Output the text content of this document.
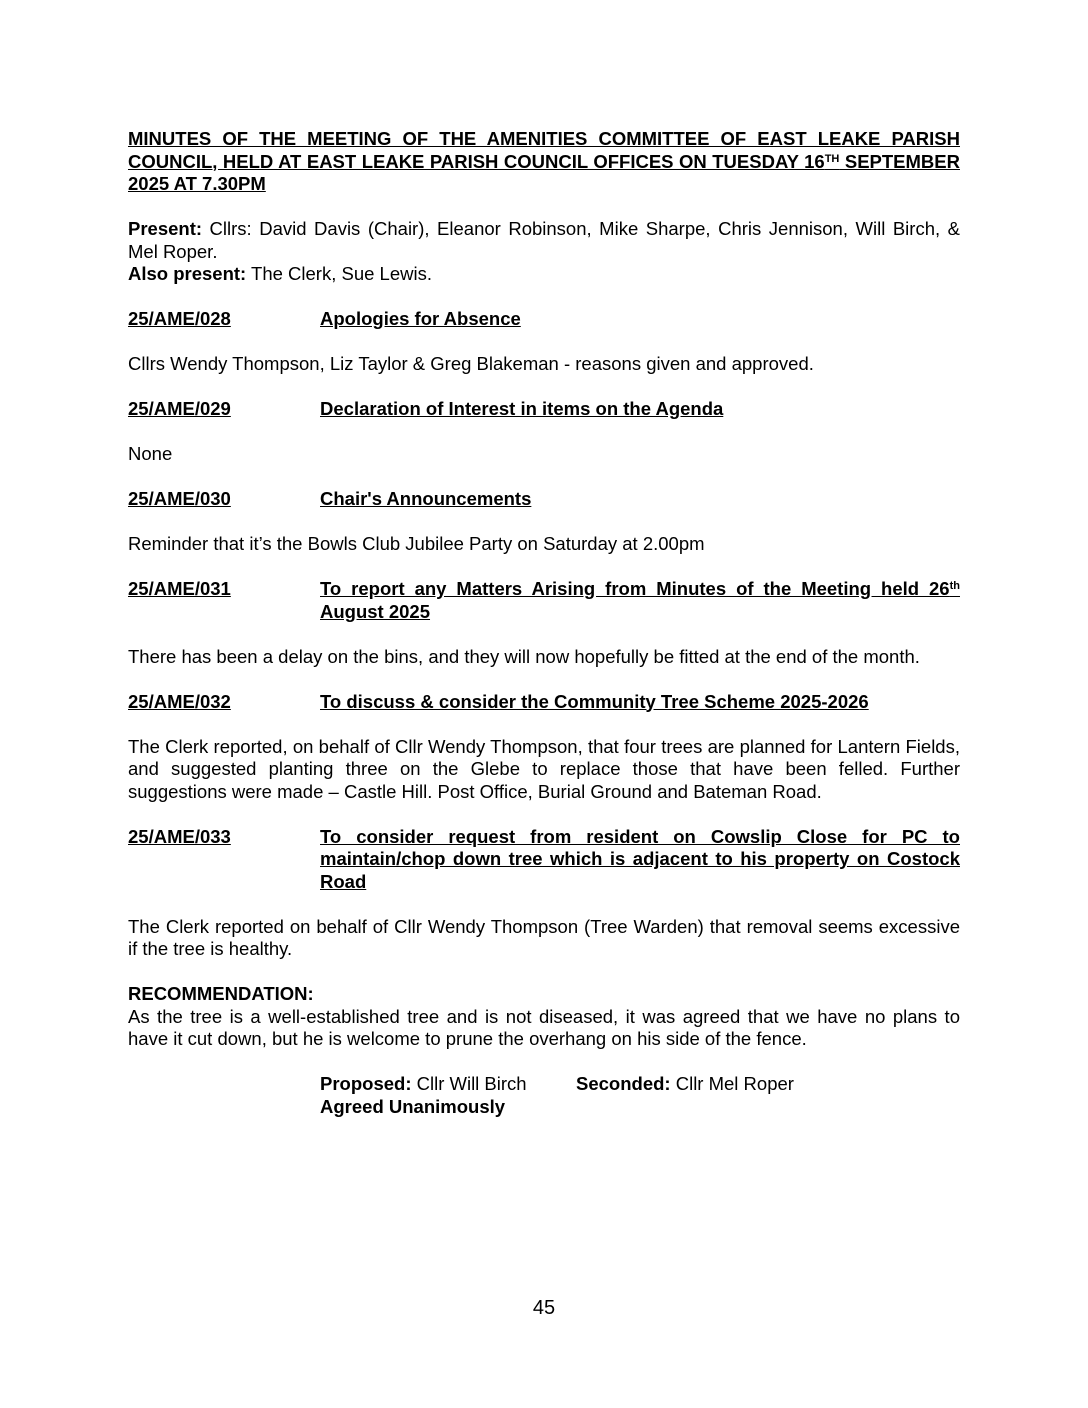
MINUTES OF THE MEETING OF THE AMENITIES COMMITTEE OF EAST LEAKE PARISH COUNCIL, HELD AT EAST LEAKE PARISH COUNCIL OFFICES ON TUESDAY 16TH SEPTEMBER 2025 AT 7.30PM

Present: Cllrs: David Davis (Chair), Eleanor Robinson, Mike Sharpe, Chris Jennison, Will Birch, & Mel Roper.

Also present: The Clerk, Sue Lewis.

25/AME/028	Apologies for Absence

Cllrs Wendy Thompson, Liz Taylor & Greg Blakeman - reasons given and approved.

25/AME/029	Declaration of Interest in items on the Agenda

None

25/AME/030	Chair's Announcements

Reminder that it’s the Bowls Club Jubilee Party on Saturday at 2.00pm

25/AME/031	To report any Matters Arising from Minutes of the Meeting held 26th August 2025

There has been a delay on the bins, and they will now hopefully be fitted at the end of the month.

25/AME/032	To discuss & consider the Community Tree Scheme 2025-2026

The Clerk reported, on behalf of Cllr Wendy Thompson, that four trees are planned for Lantern Fields, and suggested planting three on the Glebe to replace those that have been felled. Further suggestions were made – Castle Hill. Post Office, Burial Ground and Bateman Road.

25/AME/033	To consider request from resident on Cowslip Close for PC to maintain/chop down tree which is adjacent to his property on Costock Road

The Clerk reported on behalf of Cllr Wendy Thompson (Tree Warden) that removal seems excessive if the tree is healthy.

RECOMMENDATION:

As the tree is a well-established tree and is not diseased, it was agreed that we have no plans to have it cut down, but he is welcome to prune the overhang on his side of the fence.

Proposed: Cllr Will Birch	Seconded: Cllr Mel Roper
Agreed Unanimously
45
